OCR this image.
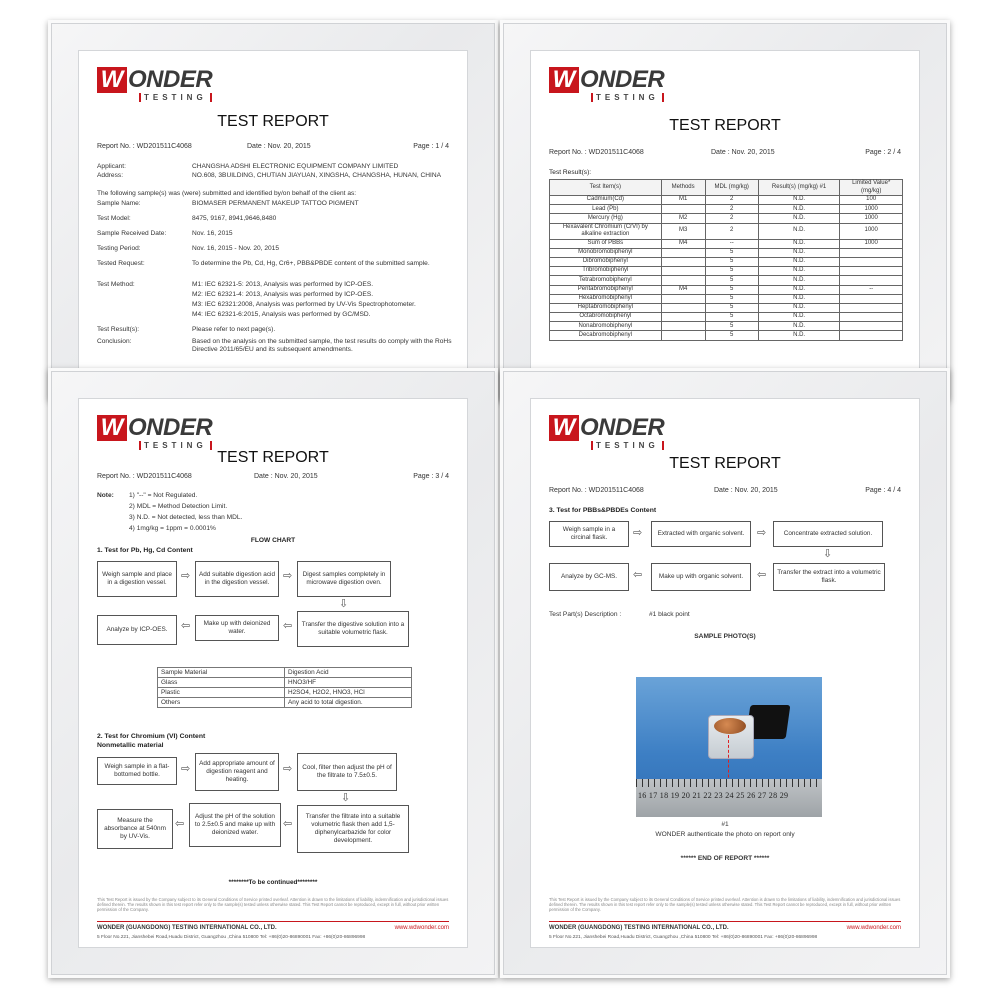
W ONDER
TESTING
TEST REPORT
Report No. : WD201511C4068	Date : Nov. 20, 2015	Page : 1 / 4
Applicant:	CHANGSHA ADSHI ELECTRONIC EQUIPMENT COMPANY LIMITED
Address:	NO.608, 3BUILDING, CHUTIAN JIAYUAN, XINGSHA, CHANGSHA, HUNAN, CHINA
The following sample(s) was (were) submitted and identified by/on behalf of the client as:
Sample Name:	BIOMASER PERMANENT MAKEUP TATTOO PIGMENT
Test Model:	8475, 9167, 8941,9646,8480
Sample Received Date:	Nov. 16, 2015
Testing Period:	Nov. 16, 2015 - Nov. 20, 2015
Tested Request:	To determine the Pb, Cd, Hg, Cr6+, PBB&PBDE content of the submitted sample.
Test Method:	M1: IEC 62321-5: 2013, Analysis was performed by ICP-OES.
M2: IEC 62321-4: 2013, Analysis was performed by ICP-OES.
M3: IEC 62321:2008, Analysis was performed by UV-Vis Spectrophotometer.
M4: IEC 62321-6:2015, Analysis was performed by GC/MSD.
Test Result(s):	Please refer to next page(s).
Conclusion:	Based on the analysis on the submitted sample, the test results do comply with the RoHs Directive 2011/65/EU and its subsequent amendments.
W ONDER
TESTING
TEST REPORT
Report No. : WD201511C4068	Date : Nov. 20, 2015	Page : 2 / 4
Test Result(s):
Test Item(s)	Methods	MDL (mg/kg)	Result(s) (mg/kg) #1	Limited Value* (mg/kg)
Cadmium(Cd)	M1	2	N.D.	100
Lead (Pb)		2	N.D.	1000
Mercury (Hg)	M2	2	N.D.	1000
Hexavalent Chromium (CrVI) by alkaline extraction	M3	2	N.D.	1000
Sum of PBBs	M4	--	N.D.	1000
Monobromobiphenyl		5	N.D.	
Dibromobiphenyl		5	N.D.	
Tribromobiphenyl		5	N.D.	
Tetrabromobiphenyl		5	N.D.	
Pentabromobiphenyl	M4	5	N.D.	--
Hexabromobiphenyl		5	N.D.	
Heptabromobiphenyl		5	N.D.	
Octabromobiphenyl		5	N.D.	
Nonabromobiphenyl		5	N.D.	
Decabromobiphenyl		5	N.D.	
W ONDER
TESTING
TEST REPORT
Report No. : WD201511C4068	Date : Nov. 20, 2015	Page : 3 / 4
Note: 1) "--" = Not Regulated.
2) MDL = Method Detection Limit.
3) N.D. = Not detected, less than MDL.
4) 1mg/kg = 1ppm = 0.0001%
FLOW CHART
1. Test for Pb, Hg, Cd Content
Weigh sample and place in a digestion vessel.
⇨	Add suitable digestion acid in the digestion vessel.
⇨	Digest samples completely in microwave digestion oven.
⇩
Transfer the digestive solution into a suitable volumetric flask.
⇦
Make up with deionized water.
⇦
Analyze by ICP-OES.
Sample Material	Digestion Acid
Glass	HNO3/HF
Plastic	H2SO4, H2O2, HNO3, HCl
Others	Any acid to total digestion.
2. Test for Chromium (VI) Content
Nonmetallic material
Weigh sample in a flat-bottomed bottle.	⇨	Add appropriate amount of digestion reagent and heating.
⇨	Cool, filter then adjust the pH of the filtrate to 7.5±0.5.
⇩
Transfer the filtrate into a suitable volumetric flask then add 1,5-diphenylcarbazide for color development.
⇦
Adjust the pH of the solution to 2.5±0.5 and make up with deionized water.
⇦
Measure the absorbance at 540nm by UV-Vis.
********To be continued********
This Test Report is issued by the Company subject to its General Conditions of Service printed overleaf. Attention is drawn to the limitations of liability, indemnification and jurisdictional issues defined therein. The results shown in this test report refer only to the sample(s) tested unless otherwise stated. This Test Report cannot be reproduced, except in full, without prior written permission of the Company.
WONDER (GUANGDONG) TESTING INTERNATIONAL CO., LTD.	www.wdwonder.com
5 Floor No.221, Jianshebei Road,Huadu District, Guangzhou ,China 510800 Tel: +86(0)20-86890001 Fax: +86(0)20-86896998
W ONDER
TESTING
TEST REPORT
Report No. : WD201511C4068	Date : Nov. 20, 2015	Page : 4 / 4
3. Test for PBBs&PBDEs Content
Weigh sample in a circinal flask.	⇨	Extracted with organic solvent.	⇨	Concentrate extracted solution.
⇩
Transfer the extract into a volumetric flask.
⇦
Make up with organic solvent.
⇦
Analyze by GC-MS.
Test Part(s) Description :	#1 black point
SAMPLE PHOTO(S)
16 17 18 19 20 21 22 23 24 25 26 27 28 29
#1
WONDER authenticate the photo on report only
****** END OF REPORT ******
This Test Report is issued by the Company subject to its General Conditions of Service printed overleaf. Attention is drawn to the limitations of liability, indemnification and jurisdictional issues defined therein. The results shown in this test report refer only to the sample(s) tested unless otherwise stated. This Test Report cannot be reproduced, except in full, without prior written permission of the Company.
WONDER (GUANGDONG) TESTING INTERNATIONAL CO., LTD.	www.wdwonder.com
5 Floor No.221, Jianshebei Road,Huadu District, Guangzhou ,China 510800 Tel: +86(0)20-86890001 Fax: +86(0)20-86896998
